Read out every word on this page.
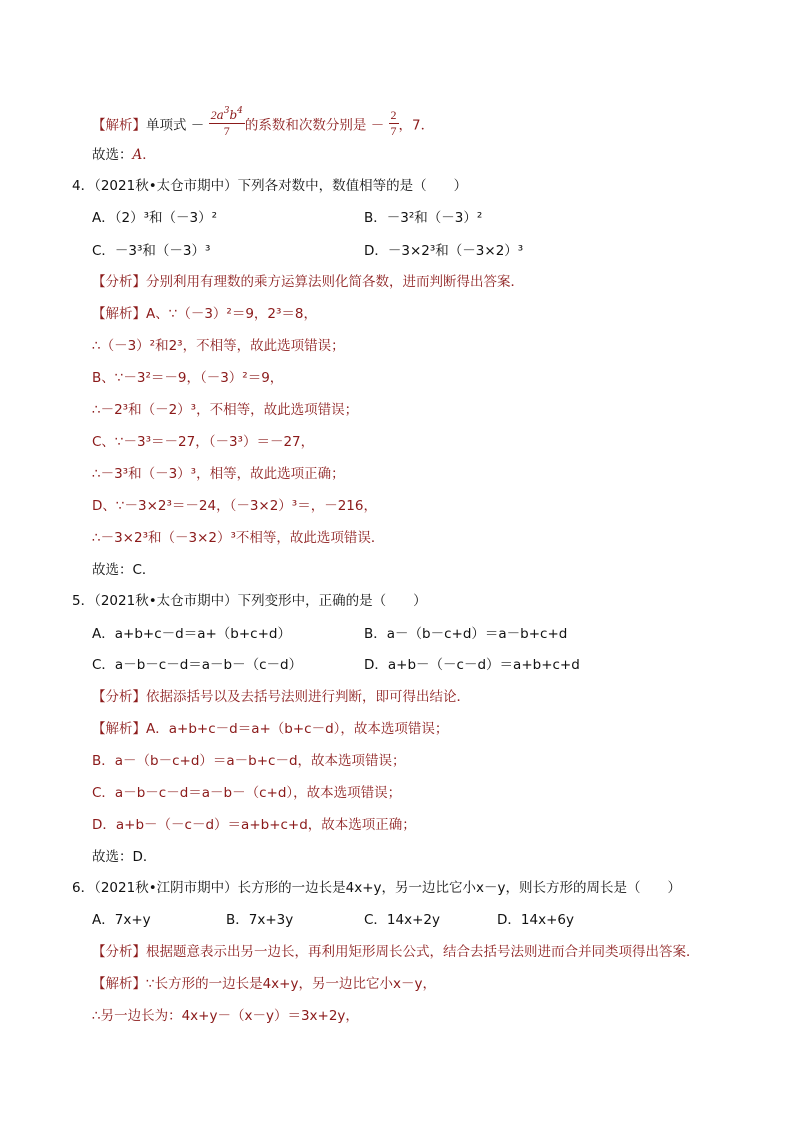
【解析】单项式 － $\frac{2a^3b^4}{7}$ 的系数和次数分别是 － $\frac{2}{7}$ ，7．
故选：A．
4．（2021秋•太仓市期中）下列各对数中，数值相等的是（　　）
A．（2）³和（－3）²	B．－3²和（－3）²
C．－3³和（－3）³	D．－3×2³和（－3×2）³
【分析】分别利用有理数的乘方运算法则化简各数，进而判断得出答案．
【解析】A、∵（－3）²＝9，2³＝8，
∴（－3）²和2³，不相等，故此选项错误；
B、∵－3²＝－9，（－3）²＝9，
∴－2³和（－2）³，不相等，故此选项错误；
C、∵－3³＝－27，（－3³）＝－27，
∴－3³和（－3）³，相等，故此选项正确；
D、∵－3×2³＝－24，（－3×2）³＝，－216，
∴－3×2³和（－3×2）³不相等，故此选项错误．
故选：C．
5．（2021秋•太仓市期中）下列变形中，正确的是（　　）
A．a+b+c－d＝a+（b+c+d）	B．a－（b－c+d）＝a－b+c+d
C．a－b－c－d＝a－b－（c－d）	D．a+b－（－c－d）＝a+b+c+d
【分析】依据添括号以及去括号法则进行判断，即可得出结论．
【解析】A．a+b+c－d＝a+（b+c－d），故本选项错误；
B．a－（b－c+d）＝a－b+c－d，故本选项错误；
C．a－b－c－d＝a－b－（c+d），故本选项错误；
D．a+b－（－c－d）＝a+b+c+d，故本选项正确；
故选：D．
6．（2021秋•江阴市期中）长方形的一边长是4x+y，另一边比它小x－y，则长方形的周长是（　　）
A．7x+y	B．7x+3y	C．14x+2y	D．14x+6y
【分析】根据题意表示出另一边长，再利用矩形周长公式，结合去括号法则进而合并同类项得出答案．
【解析】∵长方形的一边长是4x+y，另一边比它小x－y，
∴另一边长为：4x+y－（x－y）＝3x+2y，
